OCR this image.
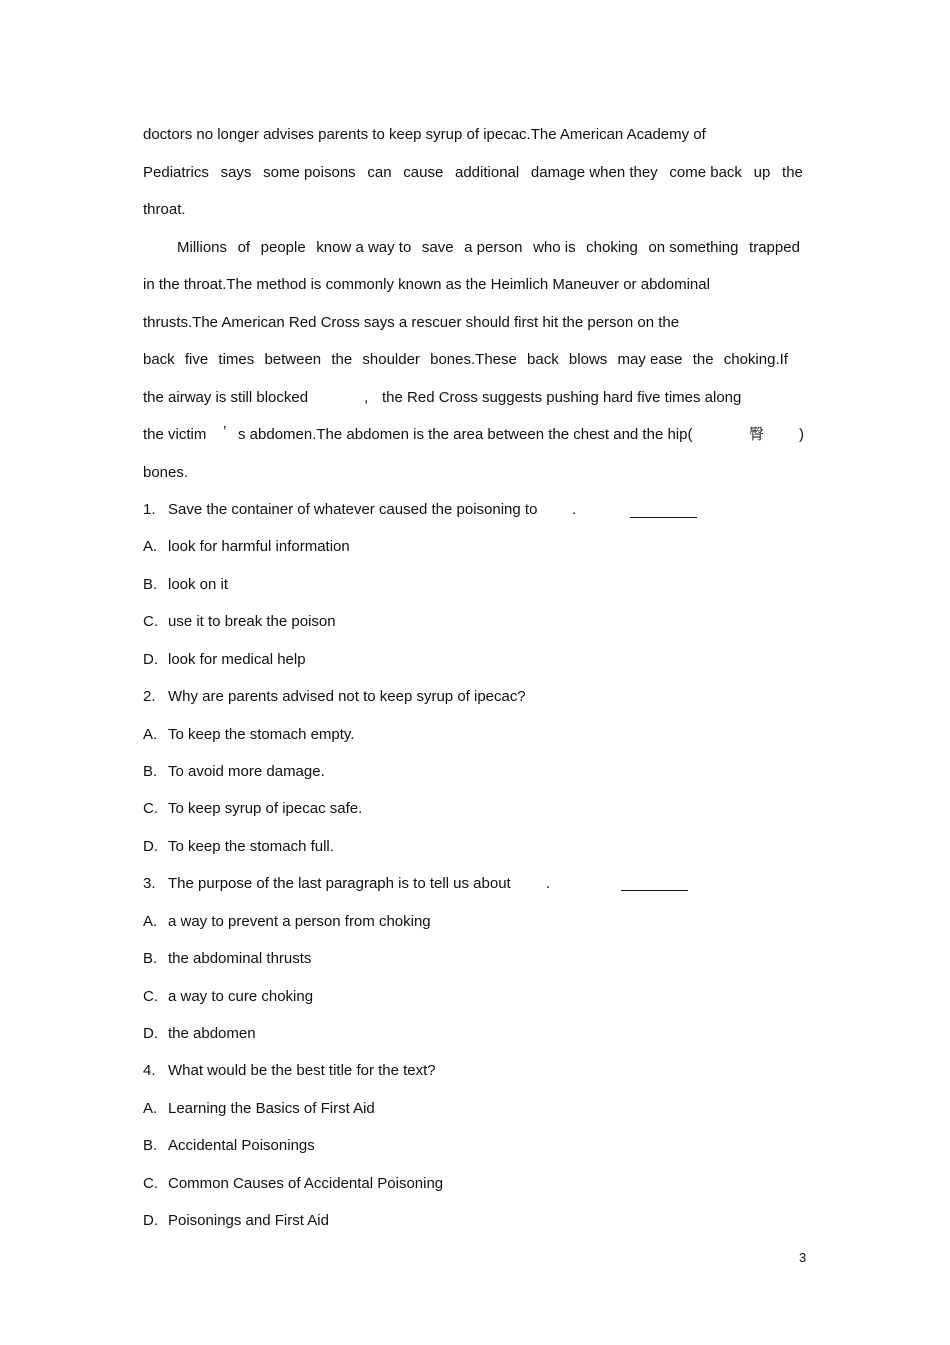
doctors no longer advises parents to keep syrup of ipecac.The American Academy of
Pediatrics says some poisons can cause additional damage when they come back up the
throat.
Millions of people know a way to save a person who is choking on something trapped
in the throat.The method is commonly known as the Heimlich Maneuver or abdominal
thrusts.The American Red Cross says a rescuer should first hit the person on the
back five times between the shoulder bones.These back blows may ease the choking.If
the airway is still blocked	, the Red Cross suggests pushing hard five times along
the victim ’ s abdomen.The abdomen is the area between the chest and the hip(	臀 )
bones.
1. Save the container of whatever caused the poisoning to .
A. look for harmful information
B. look on it
C. use it to break the poison
D. look for medical help
2. Why are parents advised not to keep syrup of ipecac?
A. To keep the stomach empty.
B. To avoid more damage.
C. To keep syrup of ipecac safe.
D. To keep the stomach full.
3. The purpose of the last paragraph is to tell us about .
A. a way to prevent a person from choking
B. the abdominal thrusts
C. a way to cure choking
D. the abdomen
4. What would be the best title for the text?
A. Learning the Basics of First Aid
B. Accidental Poisonings
C. Common Causes of Accidental Poisoning
D. Poisonings and First Aid
3
